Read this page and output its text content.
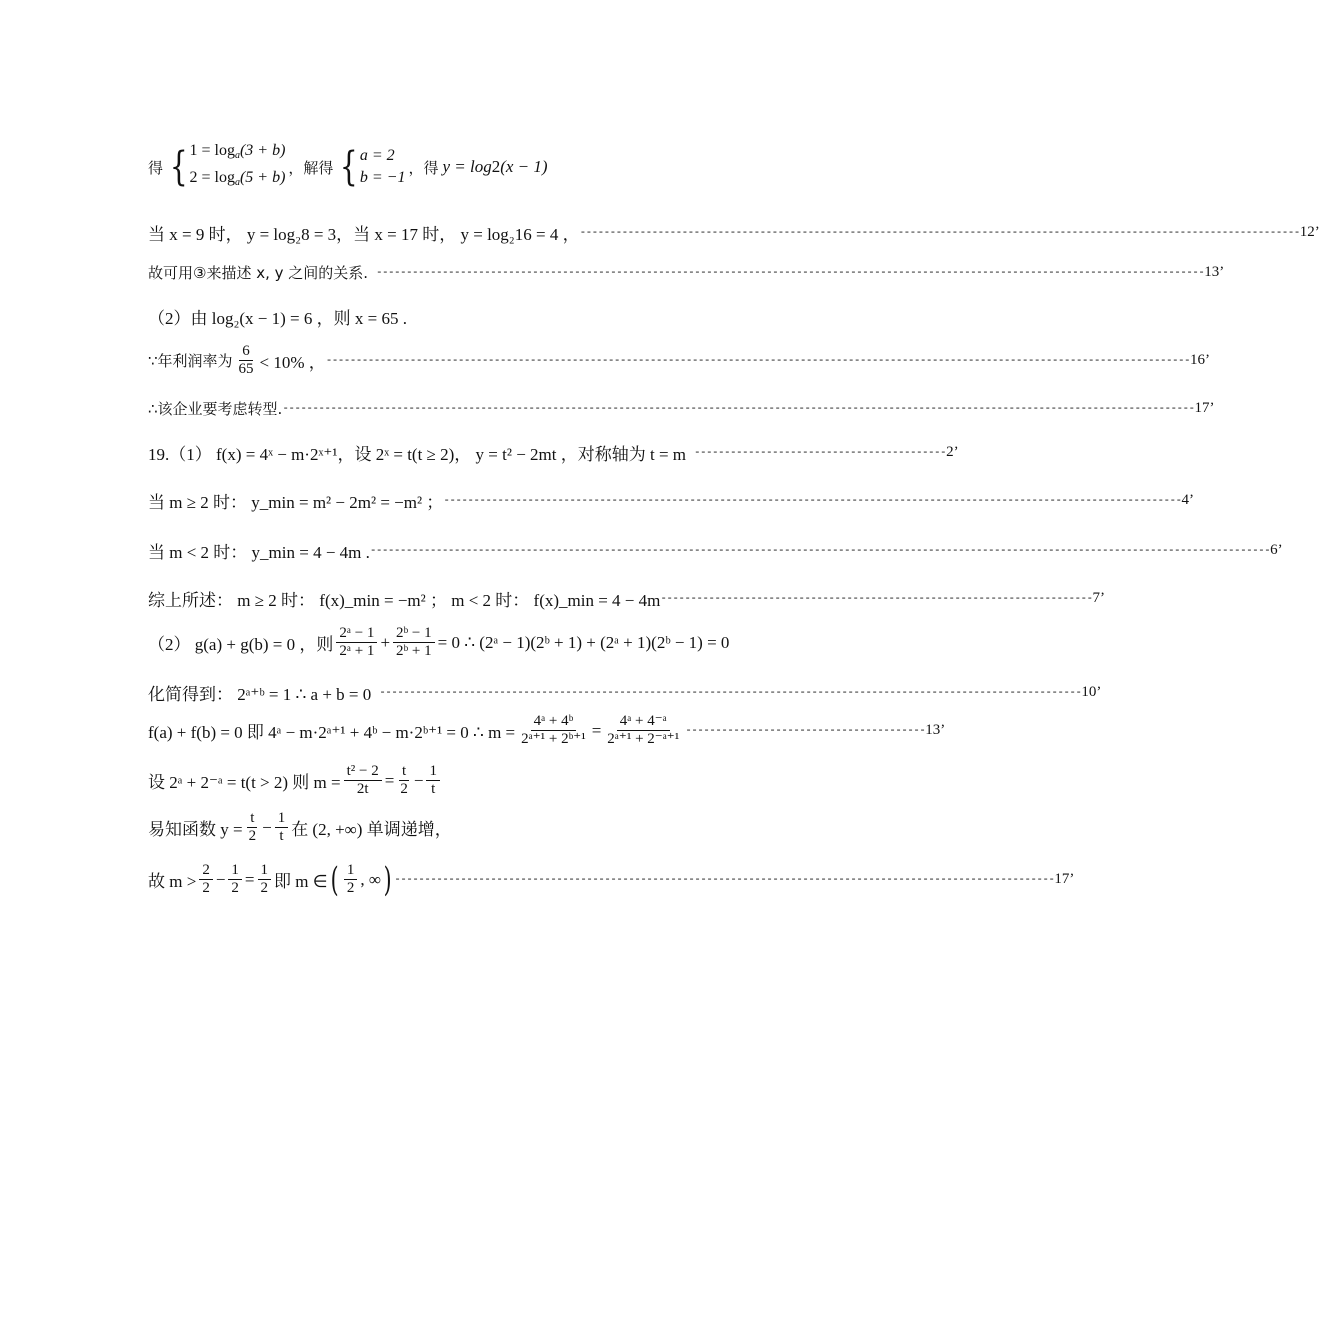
得 { $1 = \log_a(3 + b)$
$2 = \log_a(5 + b)$
，解得 { a = 2
b = −1
，得 y = log 2 (x − 1)
当 x = 9 时， y = log₂8 = 3，当 x = 17 时， y = log₂16 = 4 ， ------------------------------------------------------------------------------------------------------------------------ 12’
故可用③来描述 x, y 之间的关系. ------------------------------------------------------------------------------------------------------------------------------------------ 13’
（2）由 log₂(x − 1) = 6 ，则 x = 65 .
∵年利润率为 $\frac{6}{65} < 10\%$ ， ------------------------------------------------------------------------------------------------------------------------------------------------ 16’
∴该企业要考虑转型. -------------------------------------------------------------------------------------------------------------------------------------------------------- 17’
19.（1） f(x) = 4ˣ − m·2ˣ⁺¹，设 2ˣ = t(t ≥ 2)， y = t² − 2mt ，对称轴为 t = m ------------------------------------------ 2’
当 m ≥ 2 时： y_min = m² − 2m² = −m² ； --------------------------------------------------------------------------------------------------------------------------- 4’
当 m < 2 时： y_min = 4 − 4m . ------------------------------------------------------------------------------------------------------------------------------------------------------ 6’
综上所述： m ≥ 2 时： f(x)_min = −m² ； m < 2 时： f(x)_min = 4 − 4m ------------------------------------------------------------------------ 7’
（2） g(a) + g(b) = 0 ，则 $\frac{\text{2ᵃ − 1}}{\text{2ᵃ + 1}} + \frac{\text{2ᵇ − 1}}{\text{2ᵇ + 1}} = 0$ ∴ (2ᵃ − 1)(2ᵇ + 1) + (2ᵃ + 1)(2ᵇ − 1) = 0
化简得到： 2ᵃ⁺ᵇ = 1 ∴ a + b = 0 --------------------------------------------------------------------------------------------------------------------- 10’
f(a) + f(b) = 0 即 4ᵃ − m·2ᵃ⁺¹ + 4ᵇ − m·2ᵇ⁺¹ = 0 ∴ $m = \frac{\text{4ᵃ + 4ᵇ}}{\text{2ᵃ⁺¹ + 2ᵇ⁺¹}} = \frac{\text{4ᵃ + 4⁻ᵃ}}{\text{2ᵃ⁺¹ + 2⁻ᵃ⁺¹}}$ ---------------------------------------- 13’
设 2ᵃ + 2⁻ᵃ = t(t > 2) 则 $m = \frac{\text{t² − 2}}{2t} = \frac{t}{2} - \frac{1}{t}$
易知函数 $y = \frac{t}{2} - \frac{1}{t}$ 在 (2, +∞) 单调递增，
故 $m > \frac{2}{2} - \frac{1}{2} = \frac{1}{2}$ 即 m ∈ ( $\frac{1}{2}$ , ∞ ) -------------------------------------------------------------------------------------------------------------- 17’
